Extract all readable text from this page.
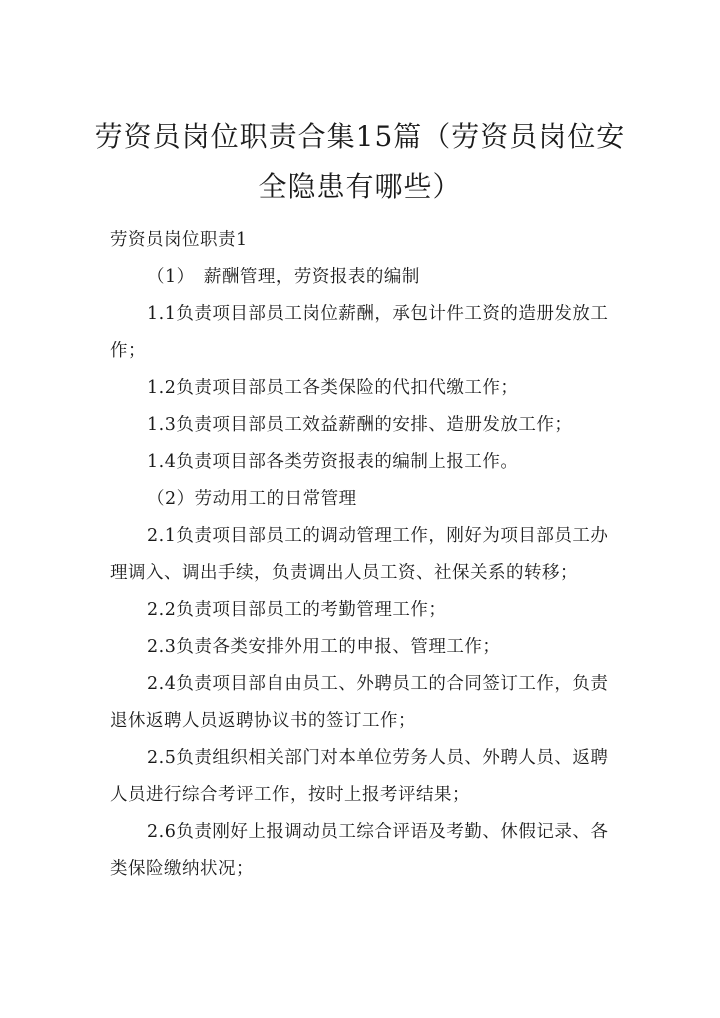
劳资员岗位职责合集15篇（劳资员岗位安
全隐患有哪些）

劳资员岗位职责1

（1）　薪酬管理，劳资报表的编制

1.1负责项目部员工岗位薪酬，承包计件工资的造册发放工作；

1.2负责项目部员工各类保险的代扣代缴工作；

1.3负责项目部员工效益薪酬的安排、造册发放工作；

1.4负责项目部各类劳资报表的编制上报工作。

（2）劳动用工的日常管理

2.1负责项目部员工的调动管理工作，刚好为项目部员工办理调入、调出手续，负责调出人员工资、社保关系的转移；

2.2负责项目部员工的考勤管理工作；

2.3负责各类安排外用工的申报、管理工作；

2.4负责项目部自由员工、外聘员工的合同签订工作，负责退休返聘人员返聘协议书的签订工作；

2.5负责组织相关部门对本单位劳务人员、外聘人员、返聘人员进行综合考评工作，按时上报考评结果；

2.6负责刚好上报调动员工综合评语及考勤、休假记录、各类保险缴纳状况；
